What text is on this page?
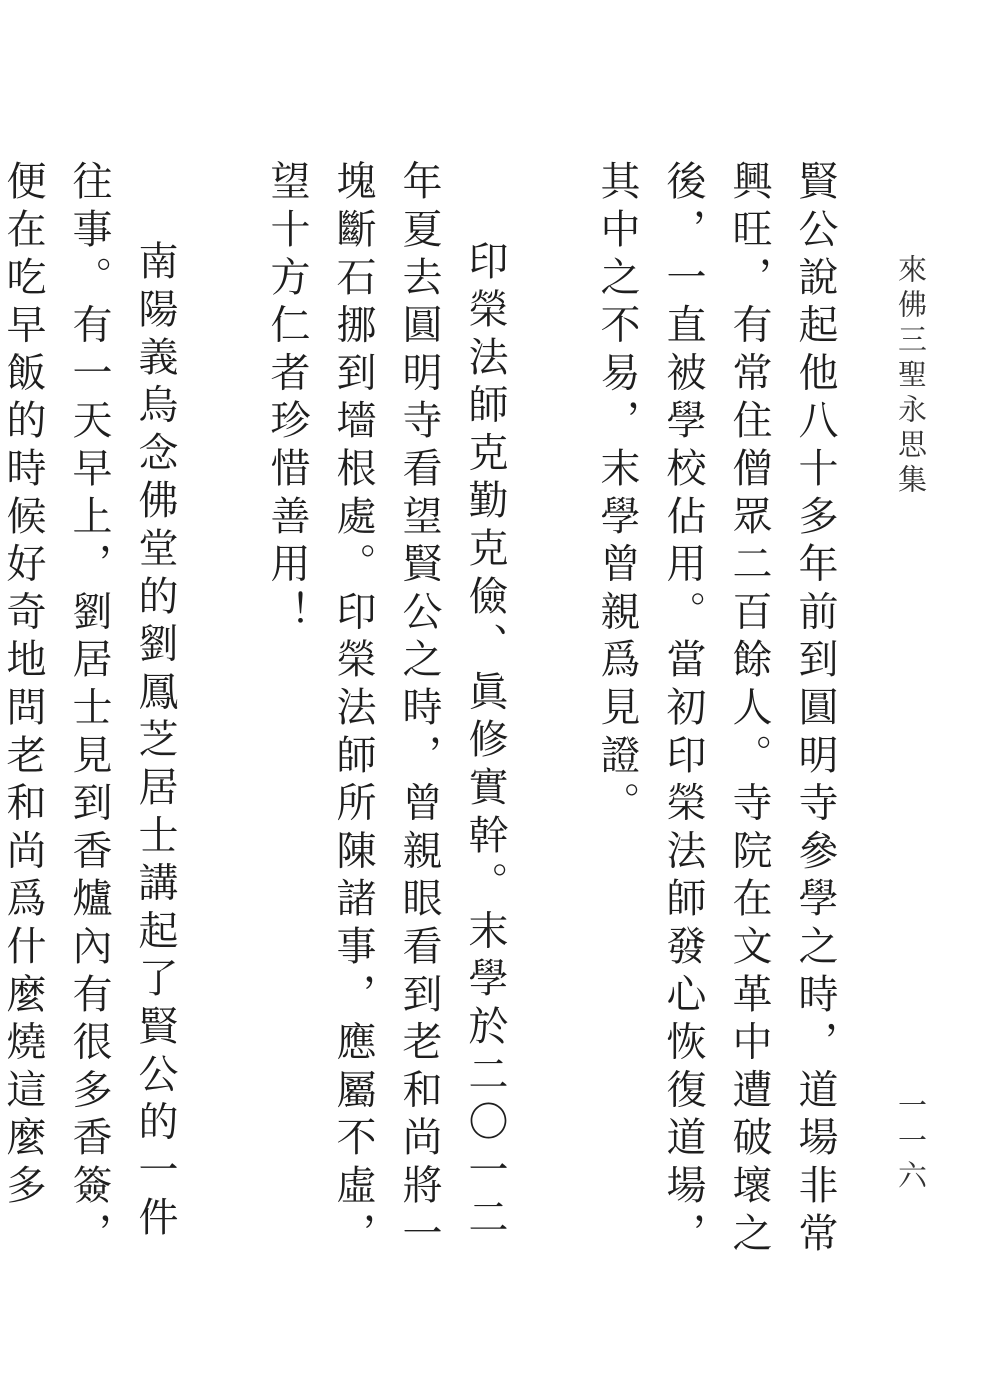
來佛三聖永思集
一一六

賢公說起他八十多年前到圓明寺參學之時，道場非常興旺，有常住僧眾二百餘人。寺院在文革中遭破壞之後，一直被學校佔用。當初印榮法師發心恢復道場，其中之不易，末學曾親爲見證。

印榮法師克勤克儉、眞修實幹。末學於二〇一二年夏去圓明寺看望賢公之時，曾親眼看到老和尚將一塊斷石挪到墻根處。印榮法師所陳諸事，應屬不虛，望十方仁者珍惜善用！

南陽義烏念佛堂的劉鳳芝居士講起了賢公的一件往事。有一天早上，劉居士見到香爐內有很多香簽，便在吃早飯的時候好奇地問老和尚爲什麼燒這麼多
